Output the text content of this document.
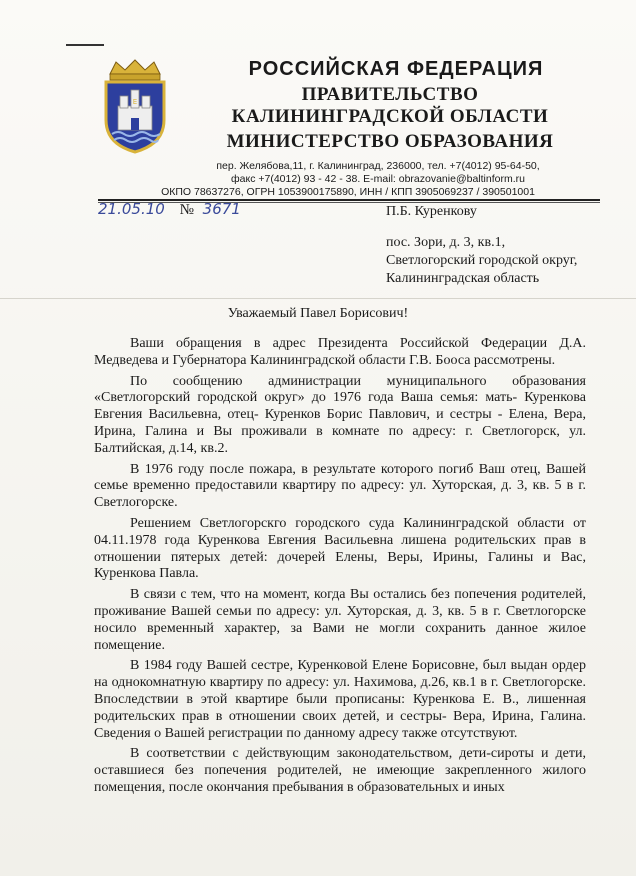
Е
РОССИЙСКАЯ ФЕДЕРАЦИЯ
ПРАВИТЕЛЬСТВО
КАЛИНИНГРАДСКОЙ ОБЛАСТИ
МИНИСТЕРСТВО ОБРАЗОВАНИЯ
пер. Желябова,11, г. Калининград, 236000, тел. +7(4012) 95-64-50,
факс +7(4012) 93 - 42 - 38. E-mail: obrazovanie@baltinform.ru
ОКПО 78637276, ОГРН 1053900175890, ИНН / КПП 3905069237 / 390501001
21.05.10 № 3671	П.Б. Куренкову
пос. Зори, д. 3, кв.1,
Светлогорский городской округ,
Калининградская область
Уважаемый Павел Борисович!

Ваши обращения в адрес Президента Российской Федерации Д.А. Медведева и Губернатора Калининградской области Г.В. Бооса рассмотрены.

По сообщению администрации муниципального образования «Светлогорский городской округ» до 1976 года Ваша семья: мать- Куренкова Евгения Васильевна, отец- Куренков Борис Павлович, и сестры - Елена, Вера, Ирина, Галина и Вы проживали в комнате по адресу: г. Светлогорск, ул. Балтийская, д.14, кв.2.

В 1976 году после пожара, в результате которого погиб Ваш отец, Вашей семье временно предоставили квартиру по адресу: ул. Хуторская, д. 3, кв. 5 в г. Светлогорске.

Решением Светлогорскго городского суда Калининградской области от 04.11.1978 года Куренкова Евгения Васильевна лишена родительских прав в отношении пятерых детей: дочерей Елены, Веры, Ирины, Галины и Вас, Куренкова Павла.

В связи с тем, что на момент, когда Вы остались без попечения родителей, проживание Вашей семьи по адресу: ул. Хуторская, д. 3, кв. 5 в г. Светлогорске носило временный характер, за Вами не могли сохранить данное жилое помещение.

В 1984 году Вашей сестре, Куренковой Елене Борисовне, был выдан ордер на однокомнатную квартиру по адресу: ул. Нахимова, д.26, кв.1 в г. Светлогорске. Впоследствии в этой квартире были прописаны: Куренкова Е. В., лишенная родительских прав в отношении своих детей, и сестры- Вера, Ирина, Галина. Сведения о Вашей регистрации по данному адресу также отсутствуют.

В соответствии с действующим законодательством, дети-сироты и дети, оставшиеся без попечения родителей, не имеющие закрепленного жилого помещения, после окончания пребывания в образовательных и иных
